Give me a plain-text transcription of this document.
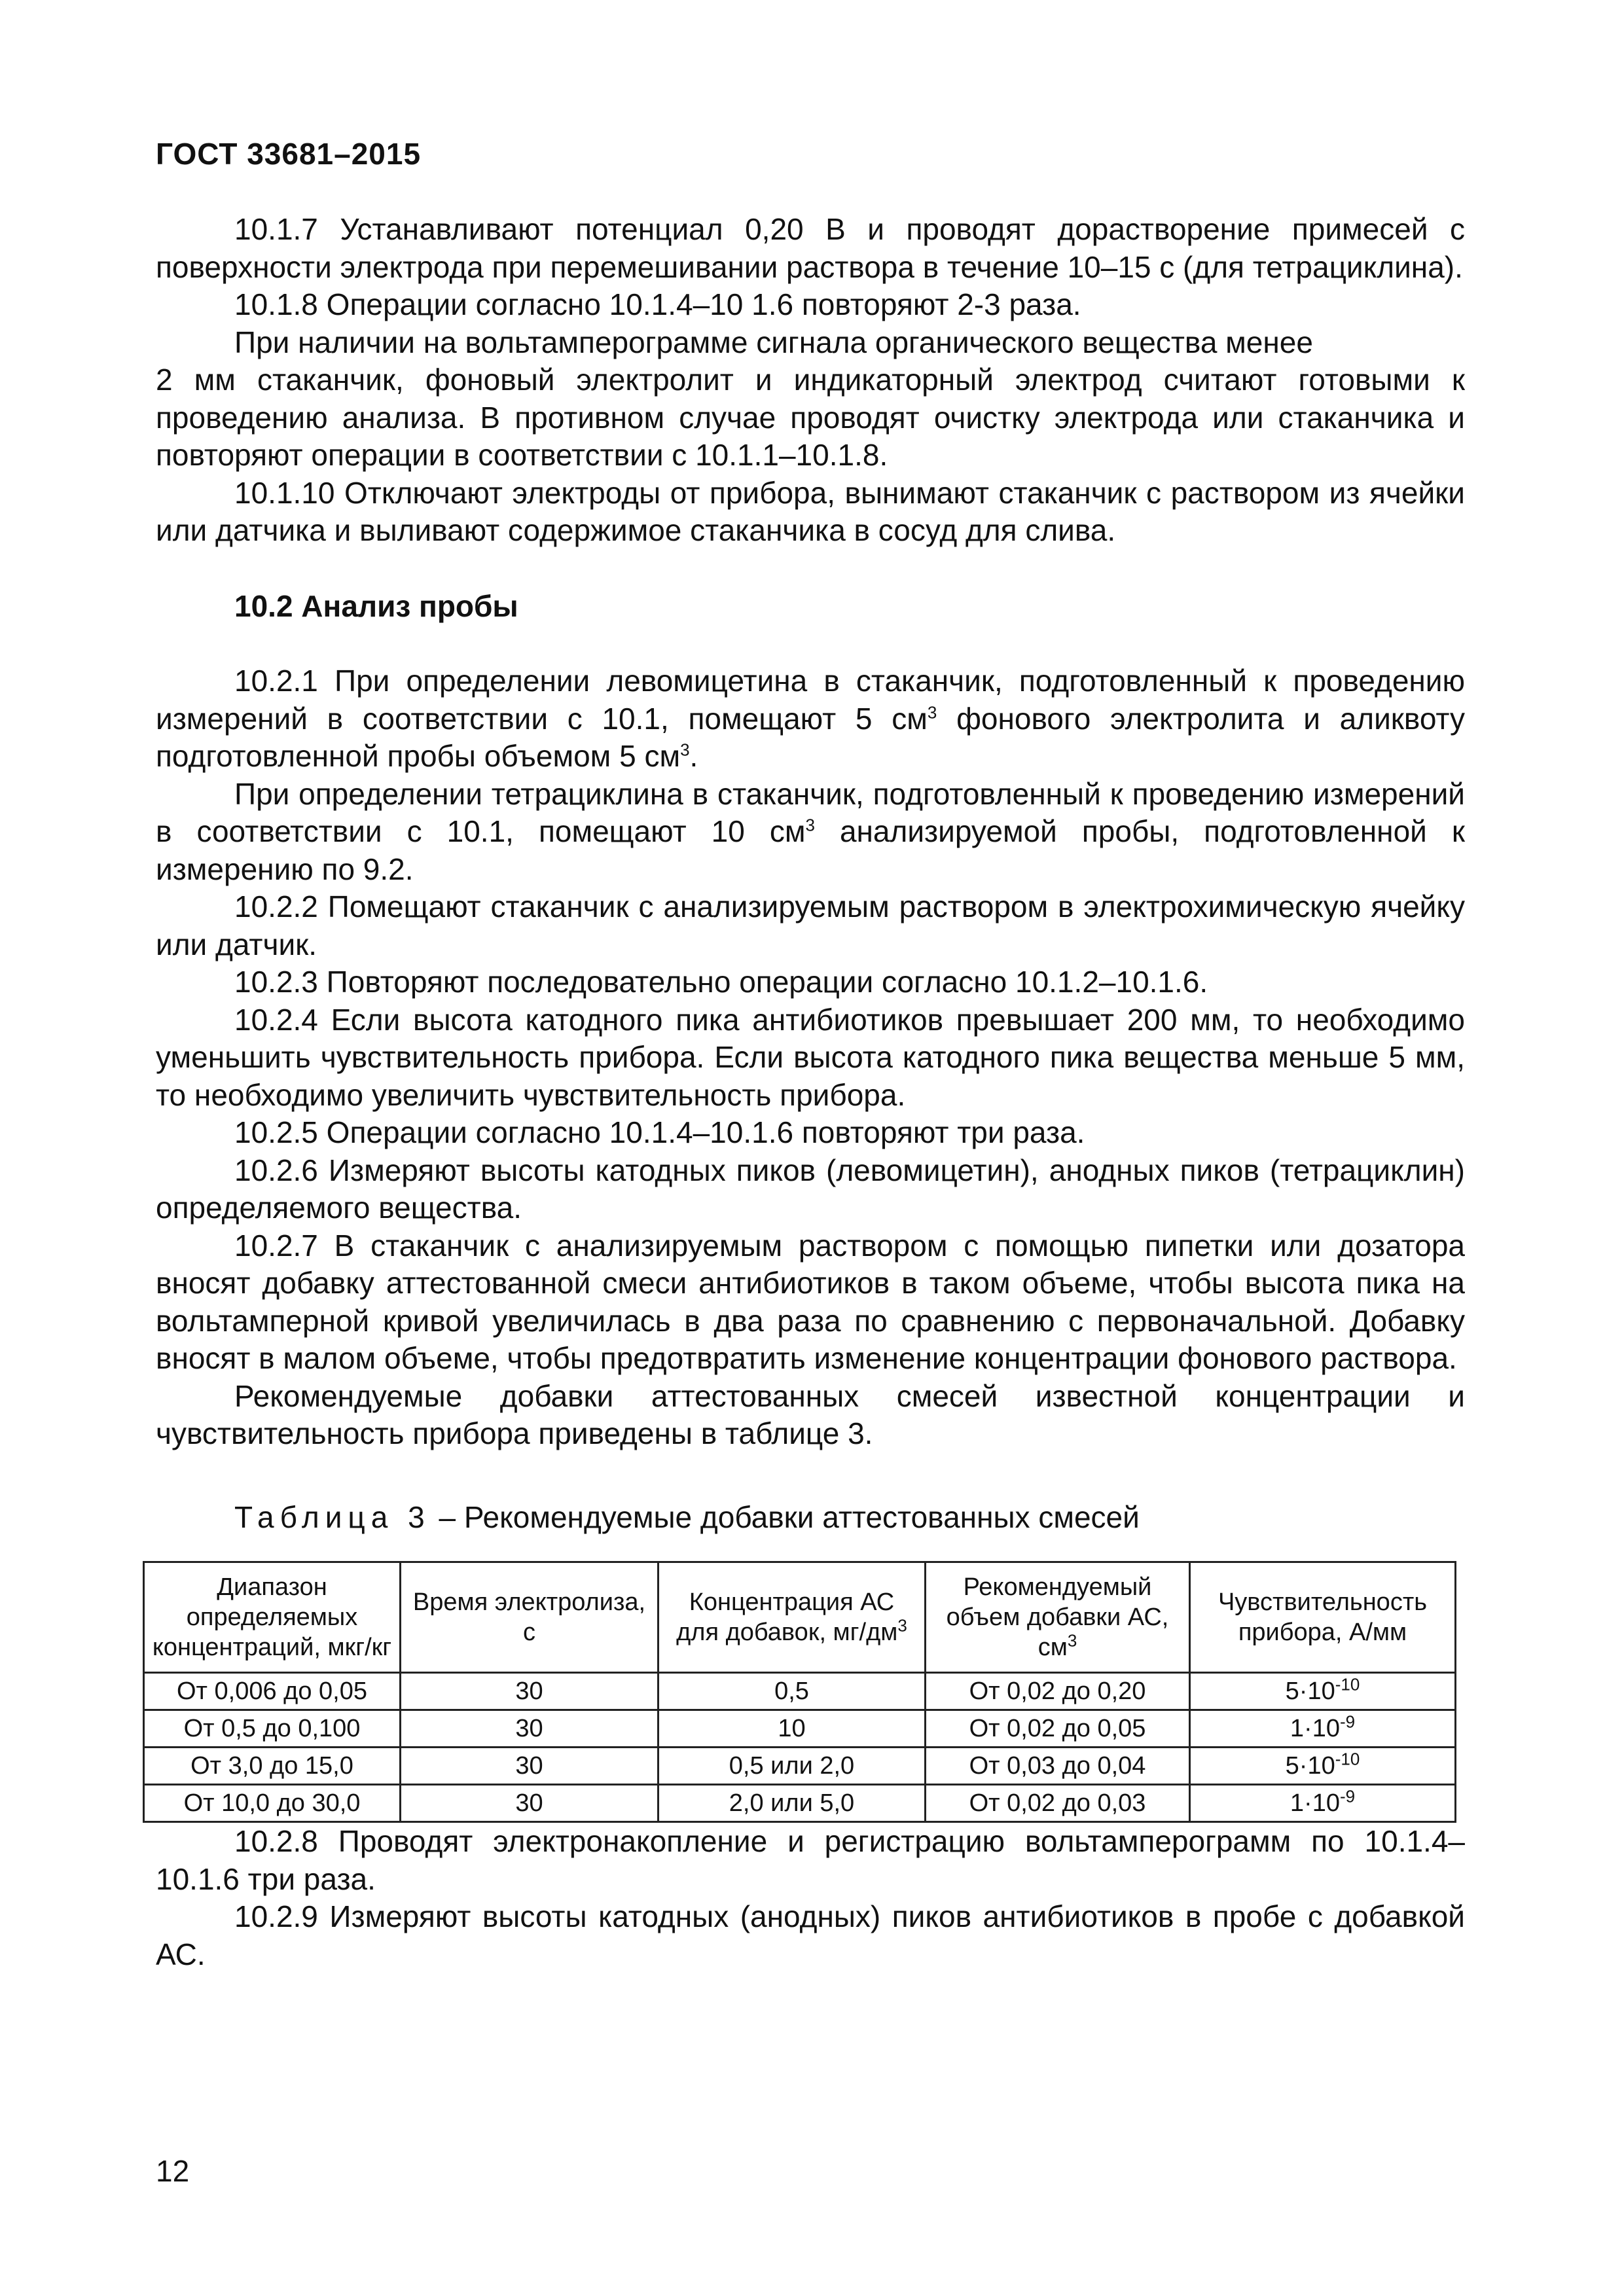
ГОСТ 33681–2015

10.1.7 Устанавливают потенциал 0,20 В и проводят дорастворение примесей с поверхности электрода при перемешивании раствора в течение 10–15 с (для тетрациклина).

10.1.8 Операции согласно 10.1.4–10 1.6 повторяют 2-3 раза.

При наличии на вольтамперограмме сигнала органического вещества менее

2 мм стаканчик, фоновый электролит и индикаторный электрод считают готовыми к проведению анализа. В противном случае проводят очистку электрода или стаканчика и повторяют операции в соответствии с 10.1.1–10.1.8.

10.1.10 Отключают электроды от прибора, вынимают стаканчик с раствором из ячейки или датчика и выливают содержимое стаканчика в сосуд для слива.

10.2 Анализ пробы

10.2.1 При определении левомицетина в стаканчик, подготовленный к проведению измерений в соответствии с 10.1, помещают 5 $см^3$ фонового электролита и аликвоту подготовленной пробы объемом 5 $см^3$.

При определении тетрациклина в стаканчик, подготовленный к проведению измерений в соответствии с 10.1, помещают 10 $см^3$ анализируемой пробы, подготовленной к измерению по 9.2.

10.2.2 Помещают стаканчик с анализируемым раствором в электрохимическую ячейку или датчик.

10.2.3 Повторяют последовательно операции согласно 10.1.2–10.1.6.

10.2.4 Если высота катодного пика антибиотиков превышает 200 мм, то необходимо уменьшить чувствительность прибора. Если высота катодного пика вещества меньше 5 мм, то необходимо увеличить чувствительность прибора.

10.2.5 Операции согласно 10.1.4–10.1.6 повторяют три раза.

10.2.6 Измеряют высоты катодных пиков (левомицетин), анодных пиков (тетрациклин) определяемого вещества.

10.2.7 В стаканчик с анализируемым раствором с помощью пипетки или дозатора вносят добавку аттестованной смеси антибиотиков в таком объеме, чтобы высота пика на вольтамперной кривой увеличилась в два раза по сравнению с первоначальной. Добавку вносят в малом объеме, чтобы предотвратить изменение концентрации фонового раствора.

Рекомендуемые добавки аттестованных смесей известной концентрации и чувствительность прибора приведены в таблице 3.

Таблица 3 – Рекомендуемые добавки аттестованных смесей
Диапазон определяемых концентраций, мкг/кг	Время электролиза, с	Концентрация АС для добавок, $мг/дм^3$	Рекомендуемый объем добавки АС, $см^3$	Чувствительность прибора, А/мм
От 0,006 до 0,05	30	0,5	От 0,02 до 0,20	$5\cdot 10^{-10}$
От 0,5 до 0,100	30	10	От 0,02 до 0,05	$1\cdot 10^{-9}$
От 3,0 до 15,0	30	0,5 или 2,0	От 0,03 до 0,04	$5\cdot 10^{-10}$
От 10,0 до 30,0	30	2,0 или 5,0	От 0,02 до 0,03	$1\cdot 10^{-9}$

10.2.8 Проводят электронакопление и регистрацию вольтамперограмм по 10.1.4–10.1.6 три раза.

10.2.9 Измеряют высоты катодных (анодных) пиков антибиотиков в пробе с добавкой АС.

12
